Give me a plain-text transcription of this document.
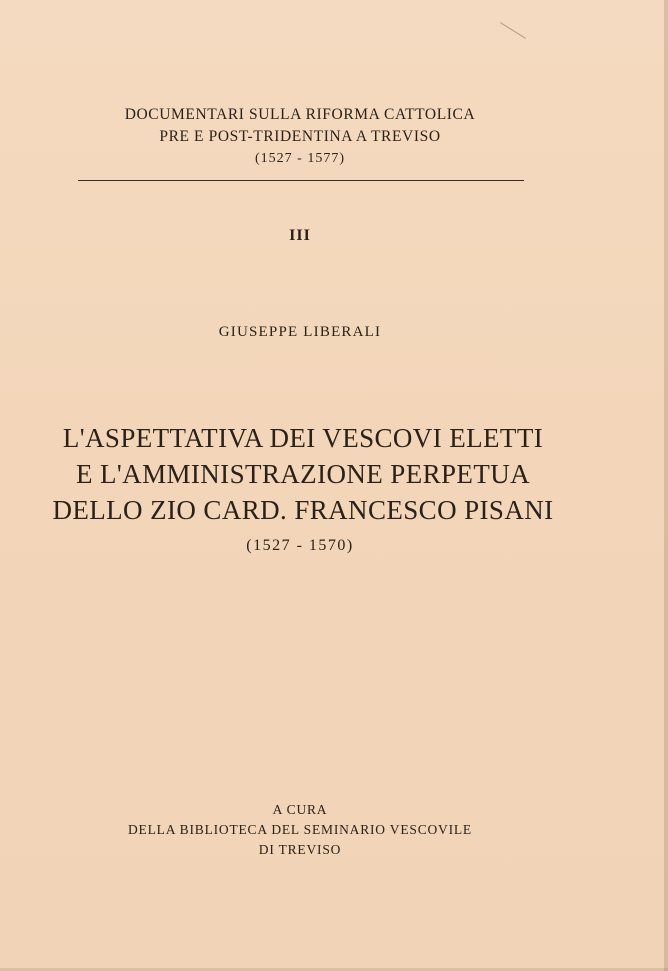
DOCUMENTARI SULLA RIFORMA CATTOLICA
PRE E POST-TRIDENTINA A TREVISO
(1527 - 1577)
III
GIUSEPPE LIBERALI
L'ASPETTATIVA DEI VESCOVI ELETTI
E L'AMMINISTRAZIONE PERPETUA
DELLO ZIO CARD. FRANCESCO PISANI
(1527 - 1570)
A CURA
DELLA BIBLIOTECA DEL SEMINARIO VESCOVILE
DI TREVISO
